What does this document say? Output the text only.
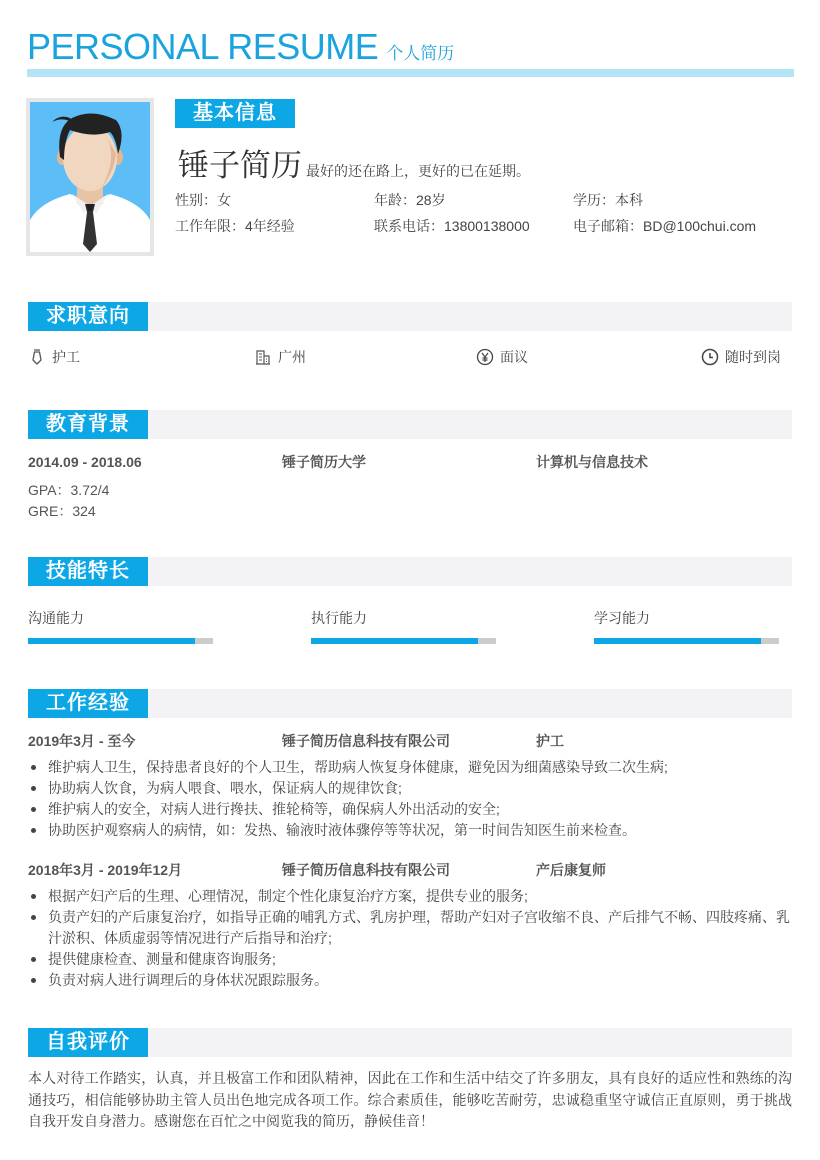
PERSONAL RESUME 个人简历
基本信息
锤子简历 最好的还在路上，更好的已在延期。
性别：女	年龄：28岁	学历：本科
工作年限：4年经验	联系电话：13800138000	电子邮箱：BD@100chui.com
求职意向
护工	广州	面议	随时到岗
教育背景
2014.09 - 2018.06	锤子简历大学	计算机与信息技术
GPA：3.72/4
GRE：324
技能特长
沟通能力	执行能力	学习能力
工作经验
2019年3月 - 至今	锤子简历信息科技有限公司	护工
维护病人卫生，保持患者良好的个人卫生，帮助病人恢复身体健康，避免因为细菌感染导致二次生病;
协助病人饮食，为病人喂食、喂水，保证病人的规律饮食;
维护病人的安全，对病人进行搀扶、推轮椅等，确保病人外出活动的安全;
协助医护观察病人的病情，如：发热、输液时液体骤停等等状况，第一时间告知医生前来检查。
2018年3月 - 2019年12月	锤子简历信息科技有限公司	产后康复师
根据产妇产后的生理、心理情况，制定个性化康复治疗方案，提供专业的服务;
负责产妇的产后康复治疗，如指导正确的哺乳方式、乳房护理，帮助产妇对子宫收缩不良、产后排气不畅、四肢疼痛、乳汁淤积、体质虚弱等情况进行产后指导和治疗;
提供健康检查、测量和健康咨询服务;
负责对病人进行调理后的身体状况跟踪服务。
自我评价
本人对待工作踏实，认真，并且极富工作和团队精神，因此在工作和生活中结交了许多朋友，具有良好的适应性和熟练的沟通技巧，相信能够协助主管人员出色地完成各项工作。综合素质佳，能够吃苦耐劳，忠诚稳重坚守诚信正直原则，勇于挑战自我开发自身潜力。感谢您在百忙之中阅览我的简历，静候佳音！
